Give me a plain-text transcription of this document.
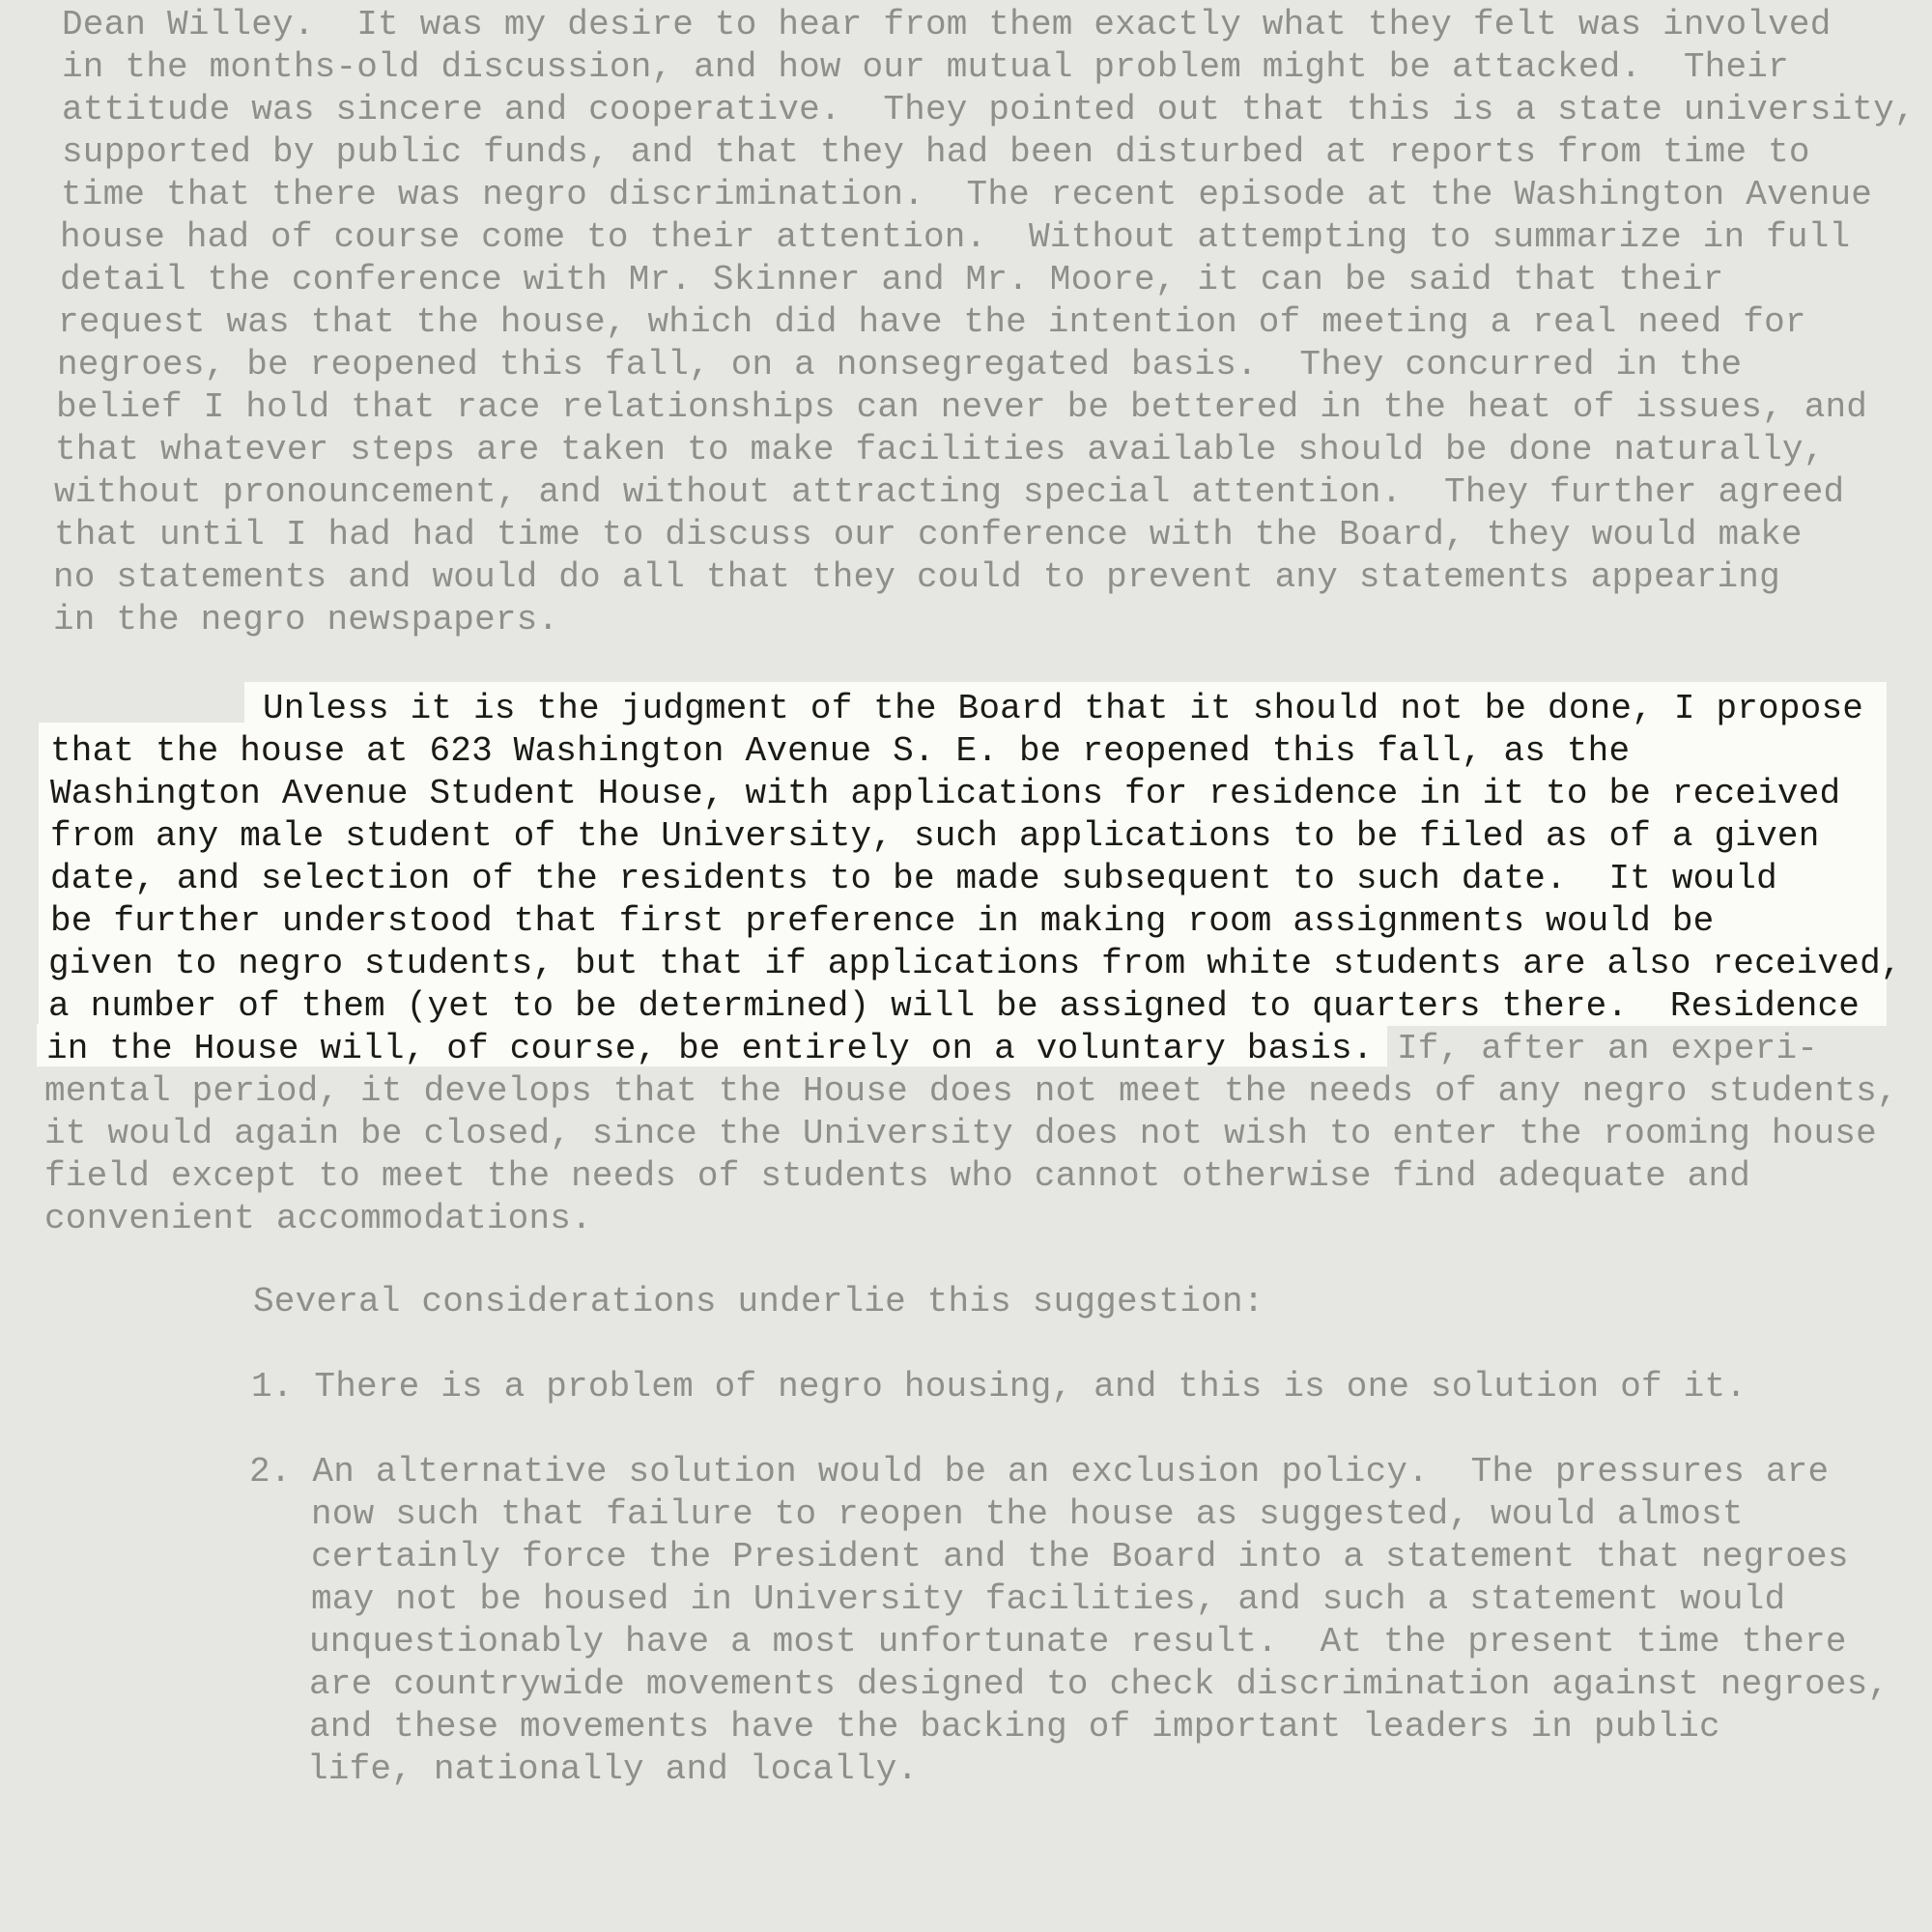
Dean Willey.  It was my desire to hear from them exactly what they felt was involved
in the months-old discussion, and how our mutual problem might be attacked.  Their
attitude was sincere and cooperative.  They pointed out that this is a state university,
supported by public funds, and that they had been disturbed at reports from time to
time that there was negro discrimination.  The recent episode at the Washington Avenue
house had of course come to their attention.  Without attempting to summarize in full
detail the conference with Mr. Skinner and Mr. Moore, it can be said that their
request was that the house, which did have the intention of meeting a real need for
negroes, be reopened this fall, on a nonsegregated basis.  They concurred in the
belief I hold that race relationships can never be bettered in the heat of issues, and
that whatever steps are taken to make facilities available should be done naturally,
without pronouncement, and without attracting special attention.  They further agreed
that until I had had time to discuss our conference with the Board, they would make
no statements and would do all that they could to prevent any statements appearing
in the negro newspapers.
Unless it is the judgment of the Board that it should not be done, I propose
that the house at 623 Washington Avenue S. E. be reopened this fall, as the
Washington Avenue Student House, with applications for residence in it to be received
from any male student of the University, such applications to be filed as of a given
date, and selection of the residents to be made subsequent to such date.  It would
be further understood that first preference in making room assignments would be
given to negro students, but that if applications from white students are also received,
a number of them (yet to be determined) will be assigned to quarters there.  Residence
in the House will, of course, be entirely on a voluntary basis. If, after an experi-
mental period, it develops that the House does not meet the needs of any negro students,
it would again be closed, since the University does not wish to enter the rooming house
field except to meet the needs of students who cannot otherwise find adequate and
convenient accommodations.
Several considerations underlie this suggestion:
1. There is a problem of negro housing, and this is one solution of it.
2. An alternative solution would be an exclusion policy.  The pressures are
now such that failure to reopen the house as suggested, would almost
certainly force the President and the Board into a statement that negroes
may not be housed in University facilities, and such a statement would
unquestionably have a most unfortunate result.  At the present time there
are countrywide movements designed to check discrimination against negroes,
and these movements have the backing of important leaders in public
life, nationally and locally.
